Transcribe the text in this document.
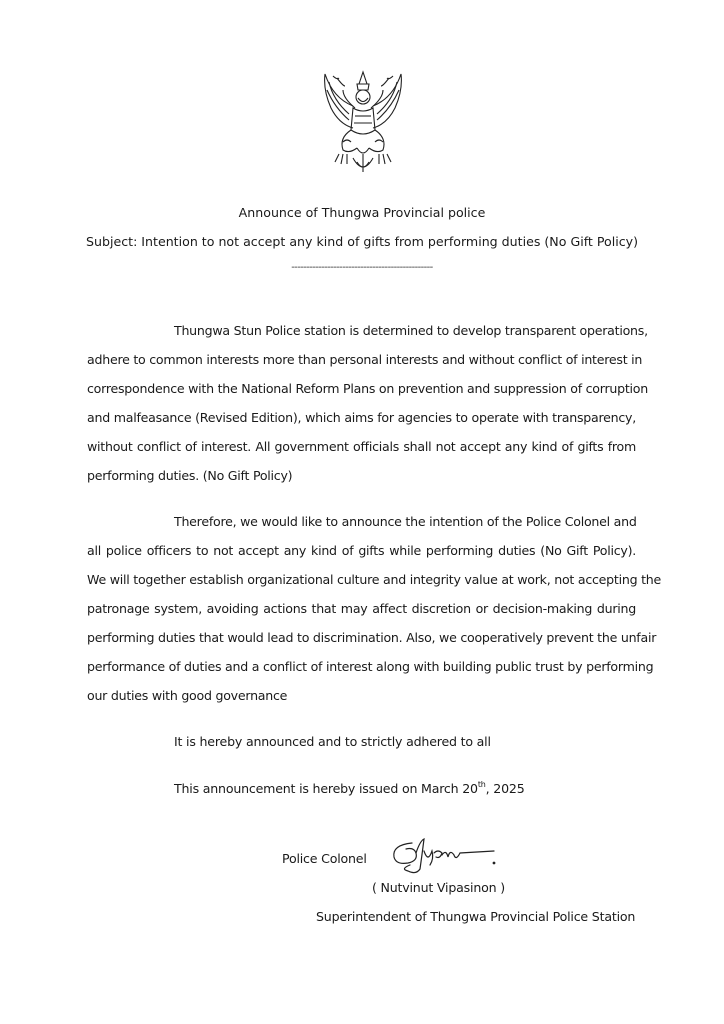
Announce of Thungwa Provincial police
Subject: Intention to not accept any kind of gifts from performing duties (No Gift Policy)
-----------------------------------------------
Thungwa Stun Police station is determined to develop transparent operations,
adhere to common interests more than personal interests and without conflict of interest in
correspondence with the National Reform Plans on prevention and suppression of corruption
and malfeasance (Revised Edition), which aims for agencies to operate with transparency,
without conflict of interest. All government officials shall not accept any kind of gifts from
performing duties. (No Gift Policy)
Therefore, we would like to announce the intention of the Police Colonel and
all police officers to not accept any kind of gifts while performing duties (No Gift Policy).
We will together establish organizational culture and integrity value at work, not accepting the
patronage system, avoiding actions that may affect discretion or decision-making during
performing duties that would lead to discrimination. Also, we cooperatively prevent the unfair
performance of duties and a conflict of interest along with building public trust by performing
our duties with good governance
It is hereby announced and to strictly adhered to all
This announcement is hereby issued on March 20th, 2025
Police Colonel
( Nutvinut Vipasinon )
Superintendent of Thungwa Provincial Police Station
